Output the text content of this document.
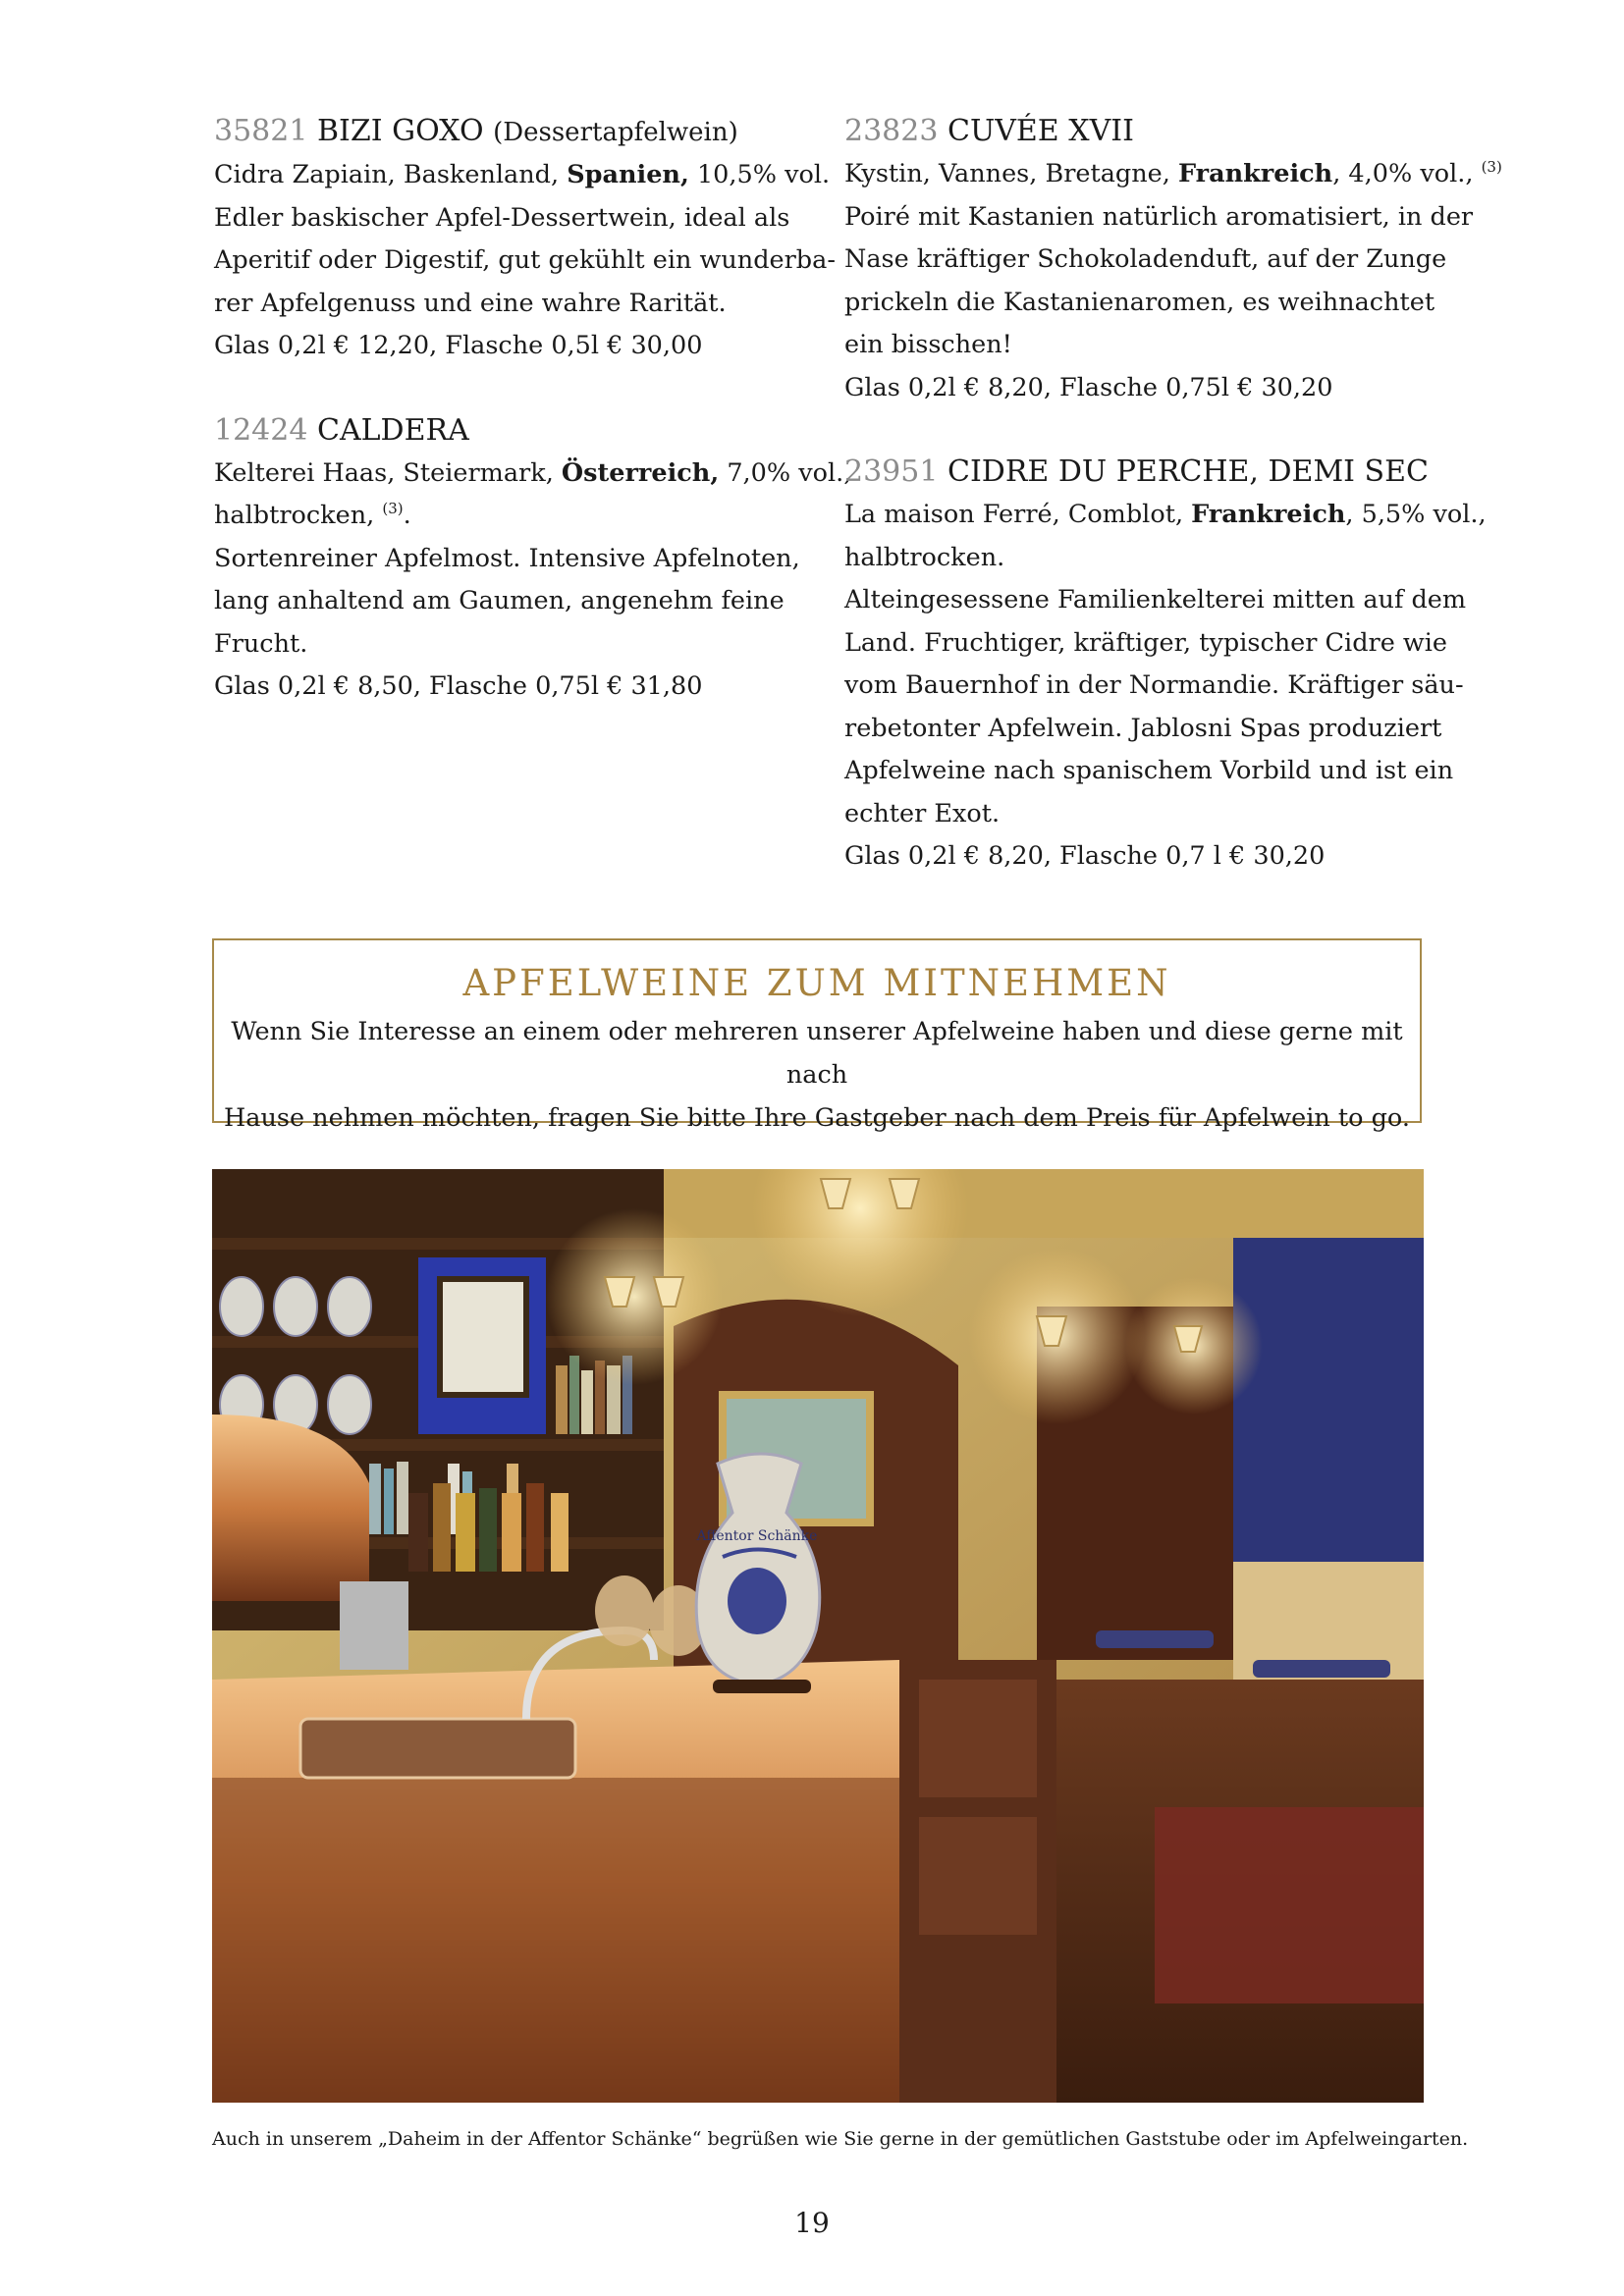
35821 BIZI GOXO (Dessertapfelwein)

Cidra Zapiain, Baskenland, Spanien, 10,5% vol.
Edler baskischer Apfel-Dessertwein, ideal als
Aperitif oder Digestif, gut gekühlt ein wunderba-
rer Apfelgenuss und eine wahre Rarität.
Glas 0,2l € 12,20, Flasche 0,5l € 30,00

12424 CALDERA

Kelterei Haas, Steiermark, Österreich, 7,0% vol.,
halbtrocken, $^{(3)}$.
Sortenreiner Apfelmost. Intensive Apfelnoten,
lang anhaltend am Gaumen, angenehm feine
Frucht.
Glas 0,2l € 8,50, Flasche 0,75l € 31,80

23823 CUVÉE XVII

Kystin, Vannes, Bretagne, Frankreich, 4,0% vol., $^{(3)}$
Poiré mit Kastanien natürlich aromatisiert, in der
Nase kräftiger Schokoladenduft, auf der Zunge
prickeln die Kastanienaromen, es weihnachtet
ein bisschen!
Glas 0,2l € 8,20, Flasche 0,75l € 30,20

23951 CIDRE DU PERCHE, DEMI SEC

La maison Ferré, Comblot, Frankreich, 5,5% vol.,
halbtrocken.
Alteingesessene Familienkelterei mitten auf dem
Land. Fruchtiger, kräftiger, typischer Cidre wie
vom Bauernhof in der Normandie. Kräftiger säu-
rebetonter Apfelwein. Jablosni Spas produziert
Apfelweine nach spanischem Vorbild und ist ein
echter Exot.
Glas 0,2l € 8,20, Flasche 0,7 l € 30,20
APFELWEINE ZUM MITNEHMEN
Wenn Sie Interesse an einem oder mehreren unserer Apfelweine haben und diese gerne mit nach
Hause nehmen möchten, fragen Sie bitte Ihre Gastgeber nach dem Preis für Apfelwein to go.
Affentor Schänke
Auch in unserem „Daheim in der Affentor Schänke“ begrüßen wie Sie gerne in der gemütlichen Gaststube oder im Apfelweingarten.
19
